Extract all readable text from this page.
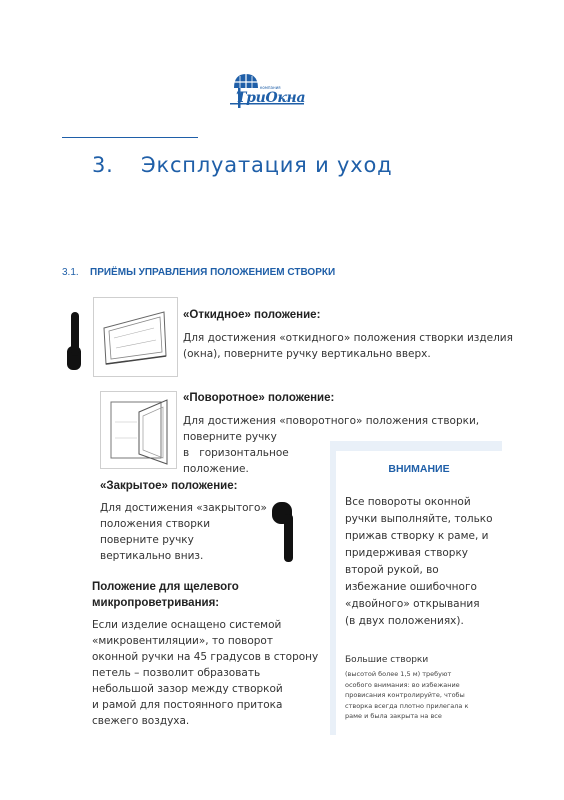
компания
ТриОкна
3. Эксплуатация и уход
3.1. ПРИЁМЫ УПРАВЛЕНИЯ ПОЛОЖЕНИЕМ СТВОРКИ
«Откидное» положение:
Для достижения «откидного» положения створки изделия
(окна), поверните ручку вертикально вверх.
«Поворотное» положение:
Для достижения «поворотного» положения створки,
поверните ручку
в   горизонтальное
положение.
«Закрытое» положение:
Для достижения «закрытого»
положения створки
поверните ручку
вертикально вниз.
Положение для щелевого
микропроветривания:
Если изделие оснащено системой
«микровентиляции», то поворот
оконной ручки на 45 градусов в сторону
петель – позволит образовать
небольшой зазор между створкой
и рамой для постоянного притока
свежего воздуха.
ВНИМАНИЕ
Все повороты оконной
ручки выполняйте, только
прижав створку к раме, и
придерживая створку
второй рукой, во
избежание ошибочного
«двойного» открывания
(в двух положениях).
Большие створки
(высотой более 1,5 м) требуют
особого внимания: во избежание
провисания контролируйте, чтобы
створка всегда плотно прилегала к
раме и была закрыта на все
